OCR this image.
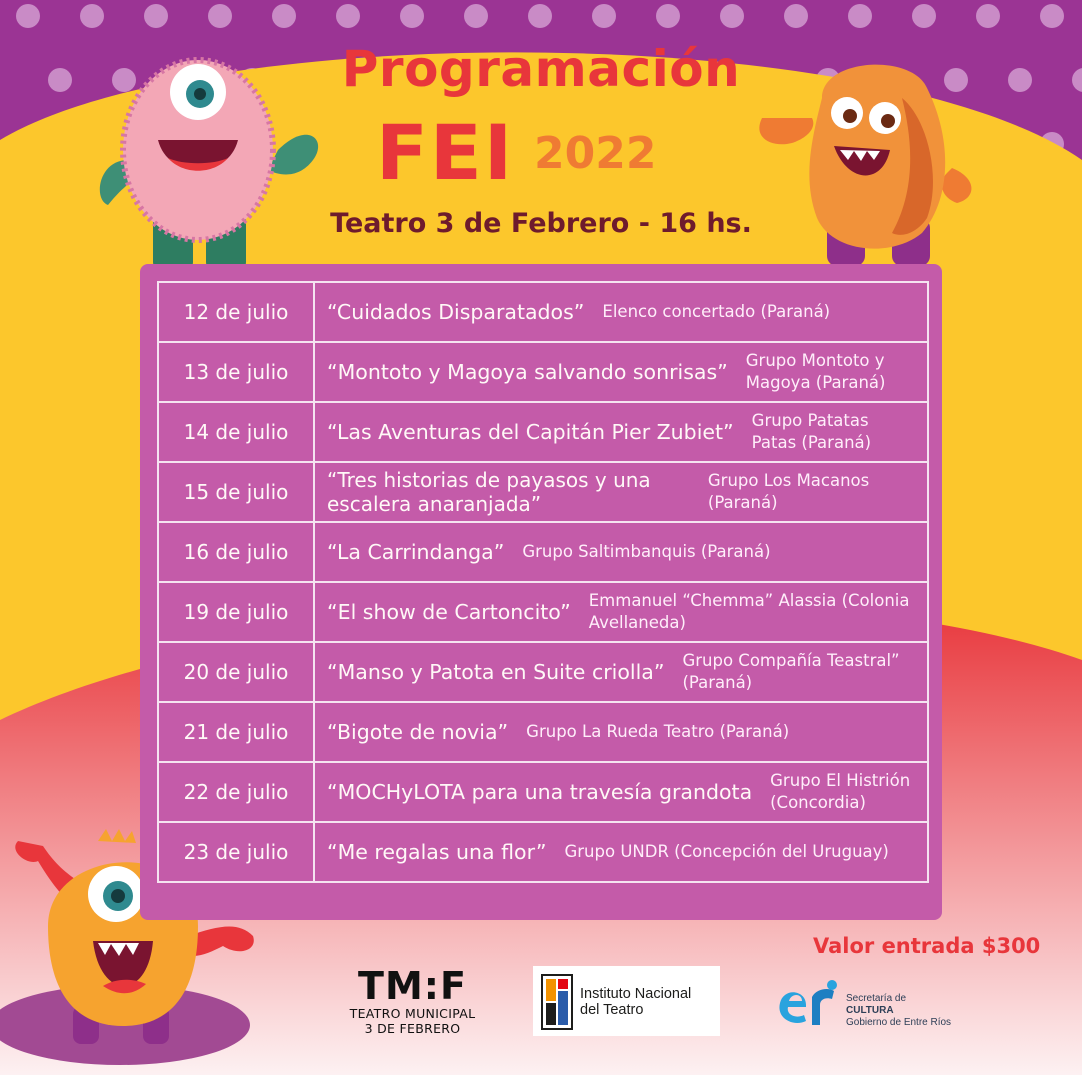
Programación
FEI 2022
Teatro 3 de Febrero - 16 hs.
12 de julio	“Cuidados Disparatados” Elenco concertado (Paraná)

13 de julio	“Montoto y Magoya salvando sonrisas” Grupo Montoto y Magoya (Paraná)

14 de julio	“Las Aventuras del Capitán Pier Zubiet” Grupo Patatas Patas (Paraná)

15 de julio	“Tres historias de payasos y una escalera anaranjada”
Grupo Los Macanos (Paraná)

16 de julio	“La Carrindanga” Grupo Saltimbanquis (Paraná)

19 de julio	“El show de Cartoncito” Emmanuel “Chemma” Alassia (Colonia Avellaneda)

20 de julio	“Manso y Patota en Suite criolla” Grupo Compañía Teastral” (Paraná)

21 de julio	“Bigote de novia” Grupo La Rueda Teatro (Paraná)

22 de julio	“MOCHyLOTA para una travesía grandota Grupo El Histrión (Concordia)

23 de julio	“Me regalas una flor” Grupo UNDR (Concepción del Uruguay)
Valor entrada $300
TM:F
TEATRO MUNICIPAL
3 DE FEBRERO
Instituto Nacional
del Teatro
Secretaría de
CULTURA
Gobierno de Entre Ríos
